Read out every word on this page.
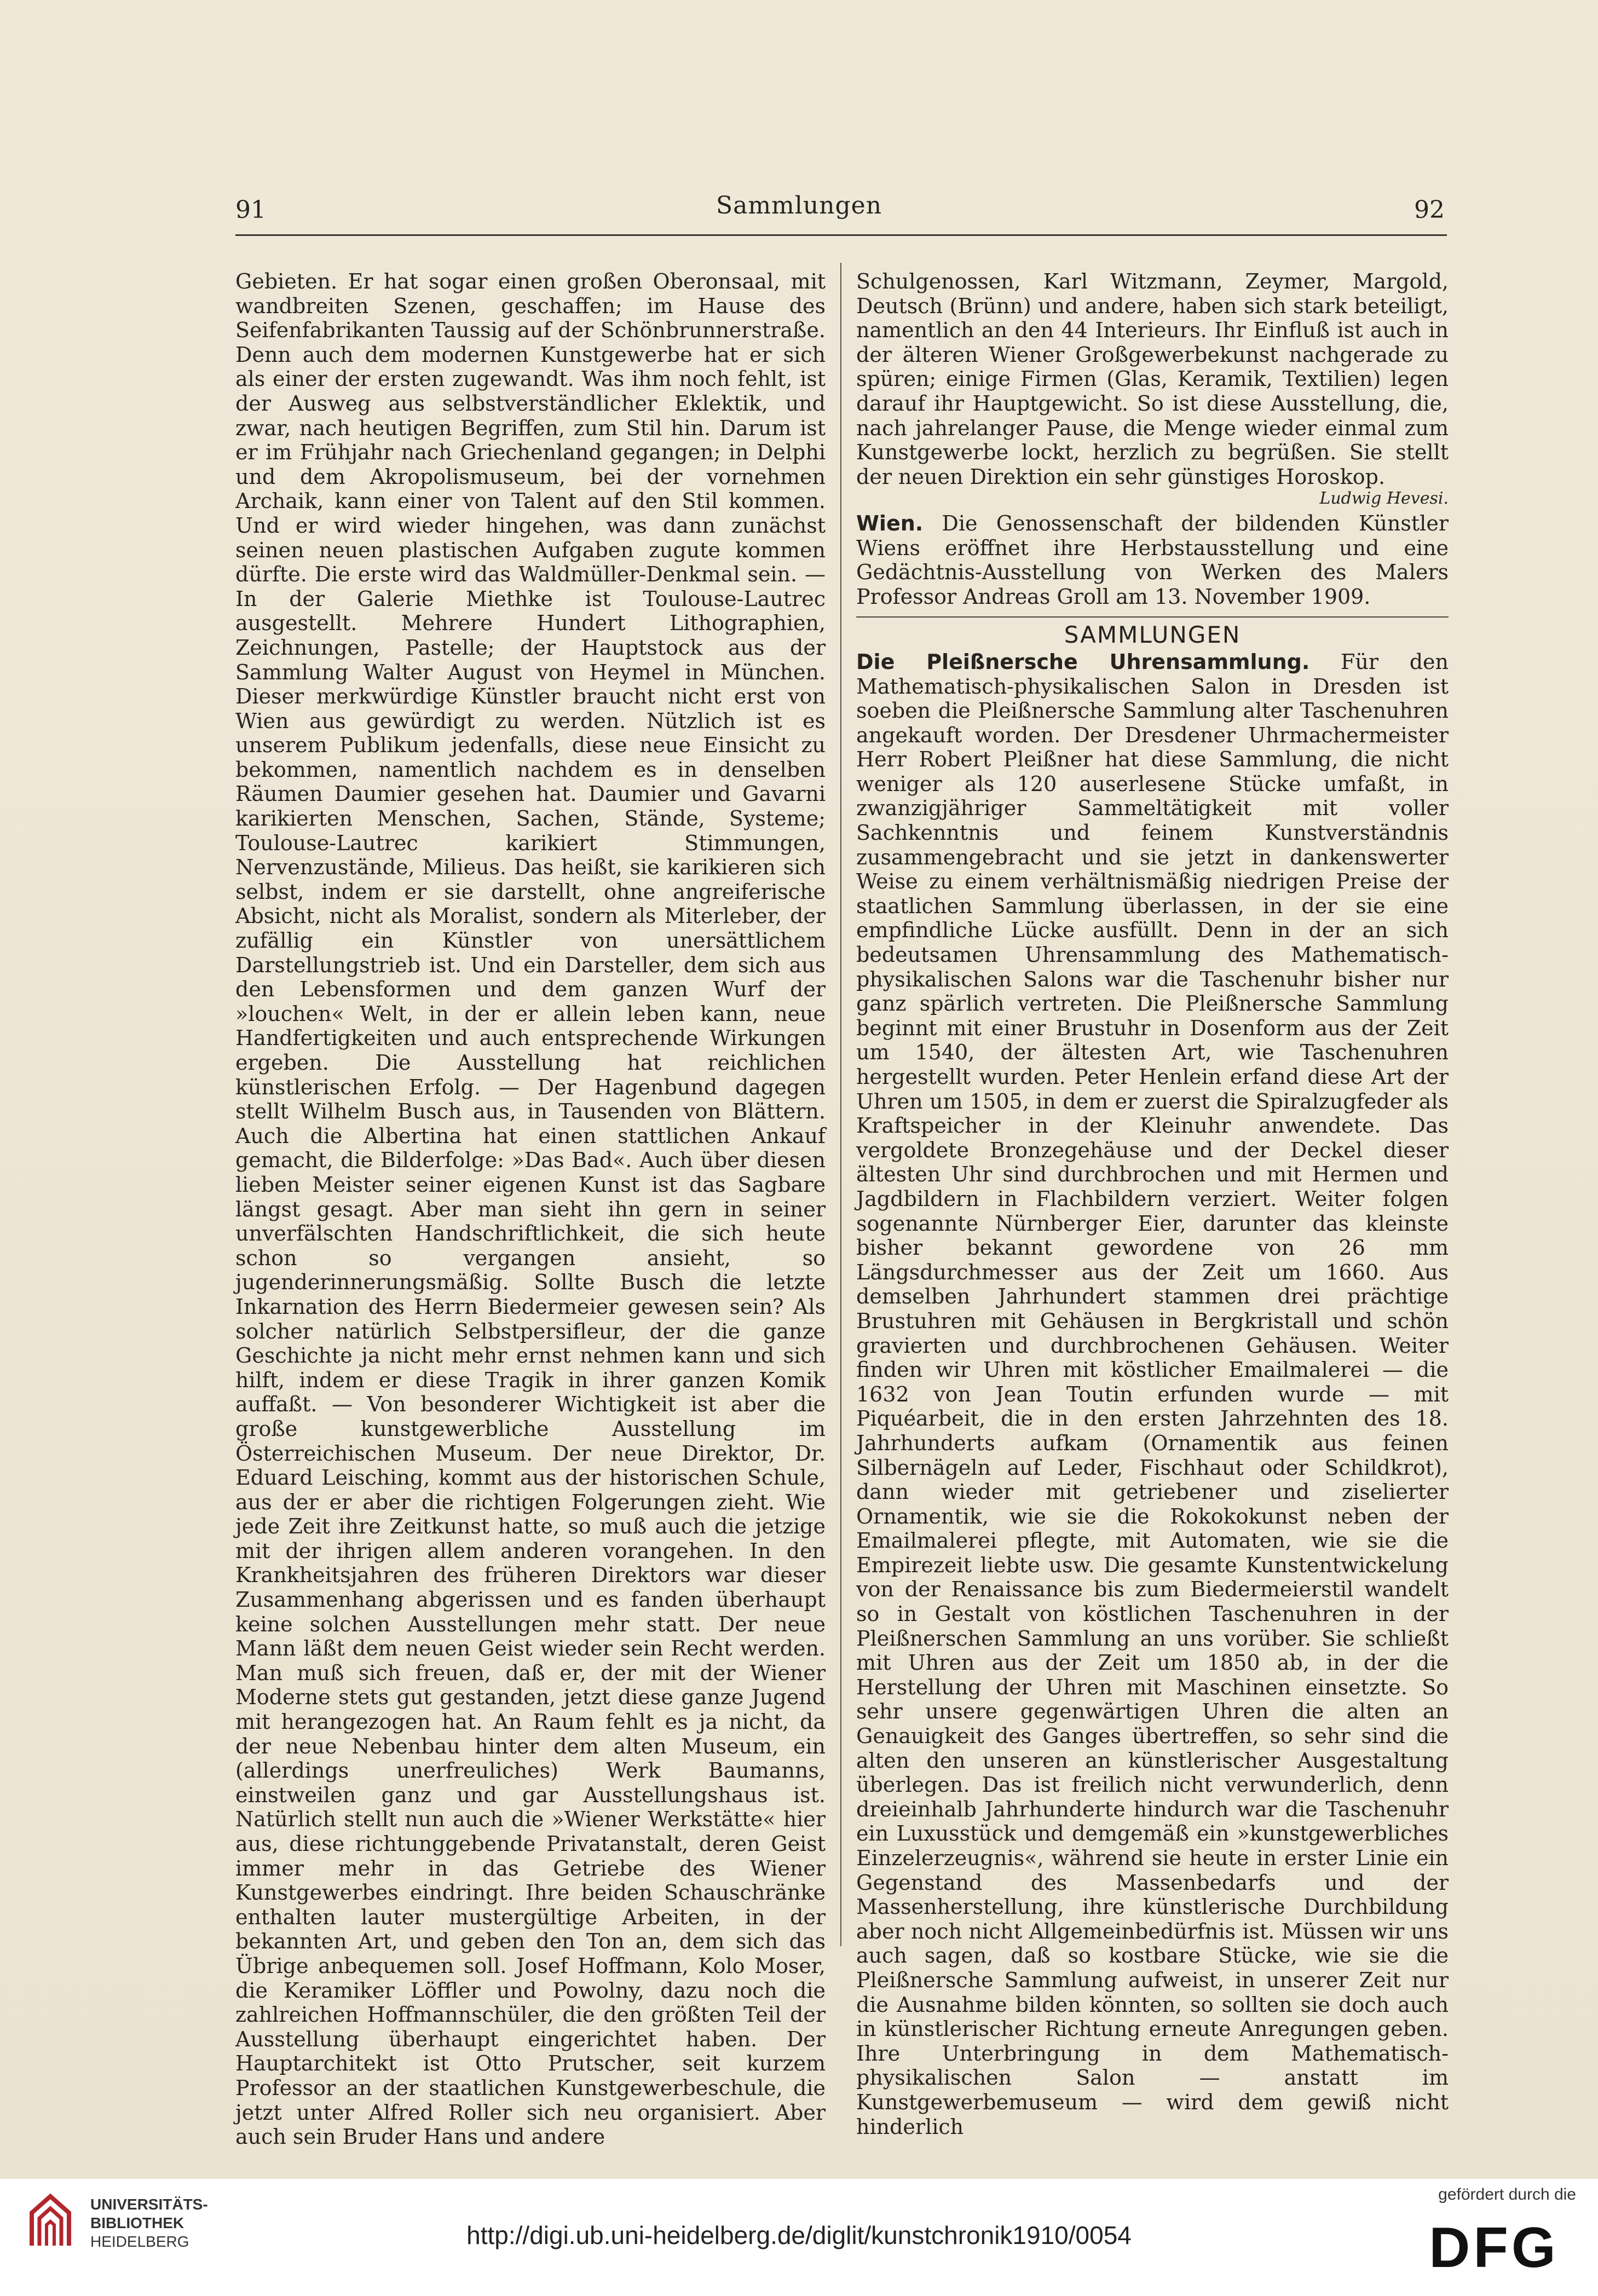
91	Sammlungen	92

Gebieten. Er hat sogar einen großen Oberonsaal, mit wandbreiten Szenen, geschaffen; im Hause des Seifenfabrikanten Taussig auf der Schönbrunnerstraße. Denn auch dem modernen Kunstgewerbe hat er sich als einer der ersten zugewandt. Was ihm noch fehlt, ist der Ausweg aus selbstverständlicher Eklektik, und zwar, nach heutigen Begriffen, zum Stil hin. Darum ist er im Frühjahr nach Griechenland gegangen; in Delphi und dem Akropolismuseum, bei der vornehmen Archaik, kann einer von Talent auf den Stil kommen. Und er wird wieder hingehen, was dann zunächst seinen neuen plastischen Aufgaben zugute kommen dürfte. Die erste wird das Waldmüller-Denkmal sein. — In der Galerie Miethke ist Toulouse-Lautrec ausgestellt. Mehrere Hundert Lithographien, Zeichnungen, Pastelle; der Hauptstock aus der Sammlung Walter August von Heymel in München. Dieser merkwürdige Künstler braucht nicht erst von Wien aus gewürdigt zu werden. Nützlich ist es unserem Publikum jedenfalls, diese neue Einsicht zu bekommen, namentlich nachdem es in denselben Räumen Daumier gesehen hat. Daumier und Gavarni karikierten Menschen, Sachen, Stände, Systeme; Toulouse-Lautrec karikiert Stimmungen, Nervenzustände, Milieus. Das heißt, sie karikieren sich selbst, indem er sie darstellt, ohne angreiferische Absicht, nicht als Moralist, sondern als Miterleber, der zufällig ein Künstler von unersättlichem Darstellungstrieb ist. Und ein Darsteller, dem sich aus den Lebensformen und dem ganzen Wurf der »louchen« Welt, in der er allein leben kann, neue Handfertigkeiten und auch entsprechende Wirkungen ergeben. Die Ausstellung hat reichlichen künstlerischen Erfolg. — Der Hagenbund dagegen stellt Wilhelm Busch aus, in Tausenden von Blättern. Auch die Albertina hat einen stattlichen Ankauf gemacht, die Bilderfolge: »Das Bad«. Auch über diesen lieben Meister seiner eigenen Kunst ist das Sagbare längst gesagt. Aber man sieht ihn gern in seiner unverfälschten Handschriftlichkeit, die sich heute schon so vergangen ansieht, so jugenderinnerungsmäßig. Sollte Busch die letzte Inkarnation des Herrn Biedermeier gewesen sein? Als solcher natürlich Selbstpersifleur, der die ganze Geschichte ja nicht mehr ernst nehmen kann und sich hilft, indem er diese Tragik in ihrer ganzen Komik auffaßt. — Von besonderer Wichtigkeit ist aber die große kunstgewerbliche Ausstellung im Österreichischen Museum. Der neue Direktor, Dr. Eduard Leisching, kommt aus der historischen Schule, aus der er aber die richtigen Folgerungen zieht. Wie jede Zeit ihre Zeitkunst hatte, so muß auch die jetzige mit der ihrigen allem anderen vorangehen. In den Krankheitsjahren des früheren Direktors war dieser Zusammenhang abgerissen und es fanden überhaupt keine solchen Ausstellungen mehr statt. Der neue Mann läßt dem neuen Geist wieder sein Recht werden. Man muß sich freuen, daß er, der mit der Wiener Moderne stets gut gestanden, jetzt diese ganze Jugend mit herangezogen hat. An Raum fehlt es ja nicht, da der neue Nebenbau hinter dem alten Museum, ein (allerdings unerfreuliches) Werk Baumanns, einstweilen ganz und gar Ausstellungshaus ist. Natürlich stellt nun auch die »Wiener Werkstätte« hier aus, diese richtunggebende Privatanstalt, deren Geist immer mehr in das Getriebe des Wiener Kunstgewerbes eindringt. Ihre beiden Schauschränke enthalten lauter mustergültige Arbeiten, in der bekannten Art, und geben den Ton an, dem sich das Übrige anbequemen soll. Josef Hoffmann, Kolo Moser, die Keramiker Löffler und Powolny, dazu noch die zahlreichen Hoffmannschüler, die den größten Teil der Ausstellung überhaupt eingerichtet haben. Der Hauptarchitekt ist Otto Prutscher, seit kurzem Professor an der staatlichen Kunstgewerbeschule, die jetzt unter Alfred Roller sich neu organisiert. Aber auch sein Bruder Hans und andere

Schulgenossen, Karl Witzmann, Zeymer, Margold, Deutsch (Brünn) und andere, haben sich stark beteiligt, namentlich an den 44 Interieurs. Ihr Einfluß ist auch in der älteren Wiener Großgewerbekunst nachgerade zu spüren; einige Firmen (Glas, Keramik, Textilien) legen darauf ihr Hauptgewicht. So ist diese Ausstellung, die, nach jahrelanger Pause, die Menge wieder einmal zum Kunstgewerbe lockt, herzlich zu begrüßen. Sie stellt der neuen Direktion ein sehr günstiges Horoskop.

Ludwig Hevesi.

Wien. Die Genossenschaft der bildenden Künstler Wiens eröffnet ihre Herbstausstellung und eine Gedächtnis-Ausstellung von Werken des Malers Professor Andreas Groll am 13. November 1909.

SAMMLUNGEN

Die Pleißnersche Uhrensammlung. Für den Mathematisch-physikalischen Salon in Dresden ist soeben die Pleißnersche Sammlung alter Taschenuhren angekauft worden. Der Dresdener Uhrmachermeister Herr Robert Pleißner hat diese Sammlung, die nicht weniger als 120 auserlesene Stücke umfaßt, in zwanzigjähriger Sammeltätigkeit mit voller Sachkenntnis und feinem Kunstverständnis zusammengebracht und sie jetzt in dankenswerter Weise zu einem verhältnismäßig niedrigen Preise der staatlichen Sammlung überlassen, in der sie eine empfindliche Lücke ausfüllt. Denn in der an sich bedeutsamen Uhrensammlung des Mathematisch-physikalischen Salons war die Taschenuhr bisher nur ganz spärlich vertreten. Die Pleißnersche Sammlung beginnt mit einer Brustuhr in Dosenform aus der Zeit um 1540, der ältesten Art, wie Taschenuhren hergestellt wurden. Peter Henlein erfand diese Art der Uhren um 1505, in dem er zuerst die Spiralzugfeder als Kraftspeicher in der Kleinuhr anwendete. Das vergoldete Bronzegehäuse und der Deckel dieser ältesten Uhr sind durchbrochen und mit Hermen und Jagdbildern in Flachbildern verziert. Weiter folgen sogenannte Nürnberger Eier, darunter das kleinste bisher bekannt gewordene von 26 mm Längsdurchmesser aus der Zeit um 1660. Aus demselben Jahrhundert stammen drei prächtige Brustuhren mit Gehäusen in Bergkristall und schön gravierten und durchbrochenen Gehäusen. Weiter finden wir Uhren mit köstlicher Emailmalerei — die 1632 von Jean Toutin erfunden wurde — mit Piquéarbeit, die in den ersten Jahrzehnten des 18. Jahrhunderts aufkam (Ornamentik aus feinen Silbernägeln auf Leder, Fischhaut oder Schildkrot), dann wieder mit getriebener und ziselierter Ornamentik, wie sie die Rokokokunst neben der Emailmalerei pflegte, mit Automaten, wie sie die Empirezeit liebte usw. Die gesamte Kunstentwickelung von der Renaissance bis zum Biedermeierstil wandelt so in Gestalt von köstlichen Taschenuhren in der Pleißnerschen Sammlung an uns vorüber. Sie schließt mit Uhren aus der Zeit um 1850 ab, in der die Herstellung der Uhren mit Maschinen einsetzte. So sehr unsere gegenwärtigen Uhren die alten an Genauigkeit des Ganges übertreffen, so sehr sind die alten den unseren an künstlerischer Ausgestaltung überlegen. Das ist freilich nicht verwunderlich, denn dreieinhalb Jahrhunderte hindurch war die Taschenuhr ein Luxusstück und demgemäß ein »kunstgewerbliches Einzelerzeugnis«, während sie heute in erster Linie ein Gegenstand des Massenbedarfs und der Massenherstellung, ihre künstlerische Durchbildung aber noch nicht Allgemeinbedürfnis ist. Müssen wir uns auch sagen, daß so kostbare Stücke, wie sie die Pleißnersche Sammlung aufweist, in unserer Zeit nur die Ausnahme bilden könnten, so sollten sie doch auch in künstlerischer Richtung erneute Anregungen geben. Ihre Unterbringung in dem Mathematisch-physikalischen Salon — anstatt im Kunstgewerbemuseum — wird dem gewiß nicht hinderlich

UNIVERSITÄTS-
BIBLIOTHEK
HEIDELBERG	http://digi.ub.uni-heidelberg.de/diglit/kunstchronik1910/0054
gefördert durch die
DFG
